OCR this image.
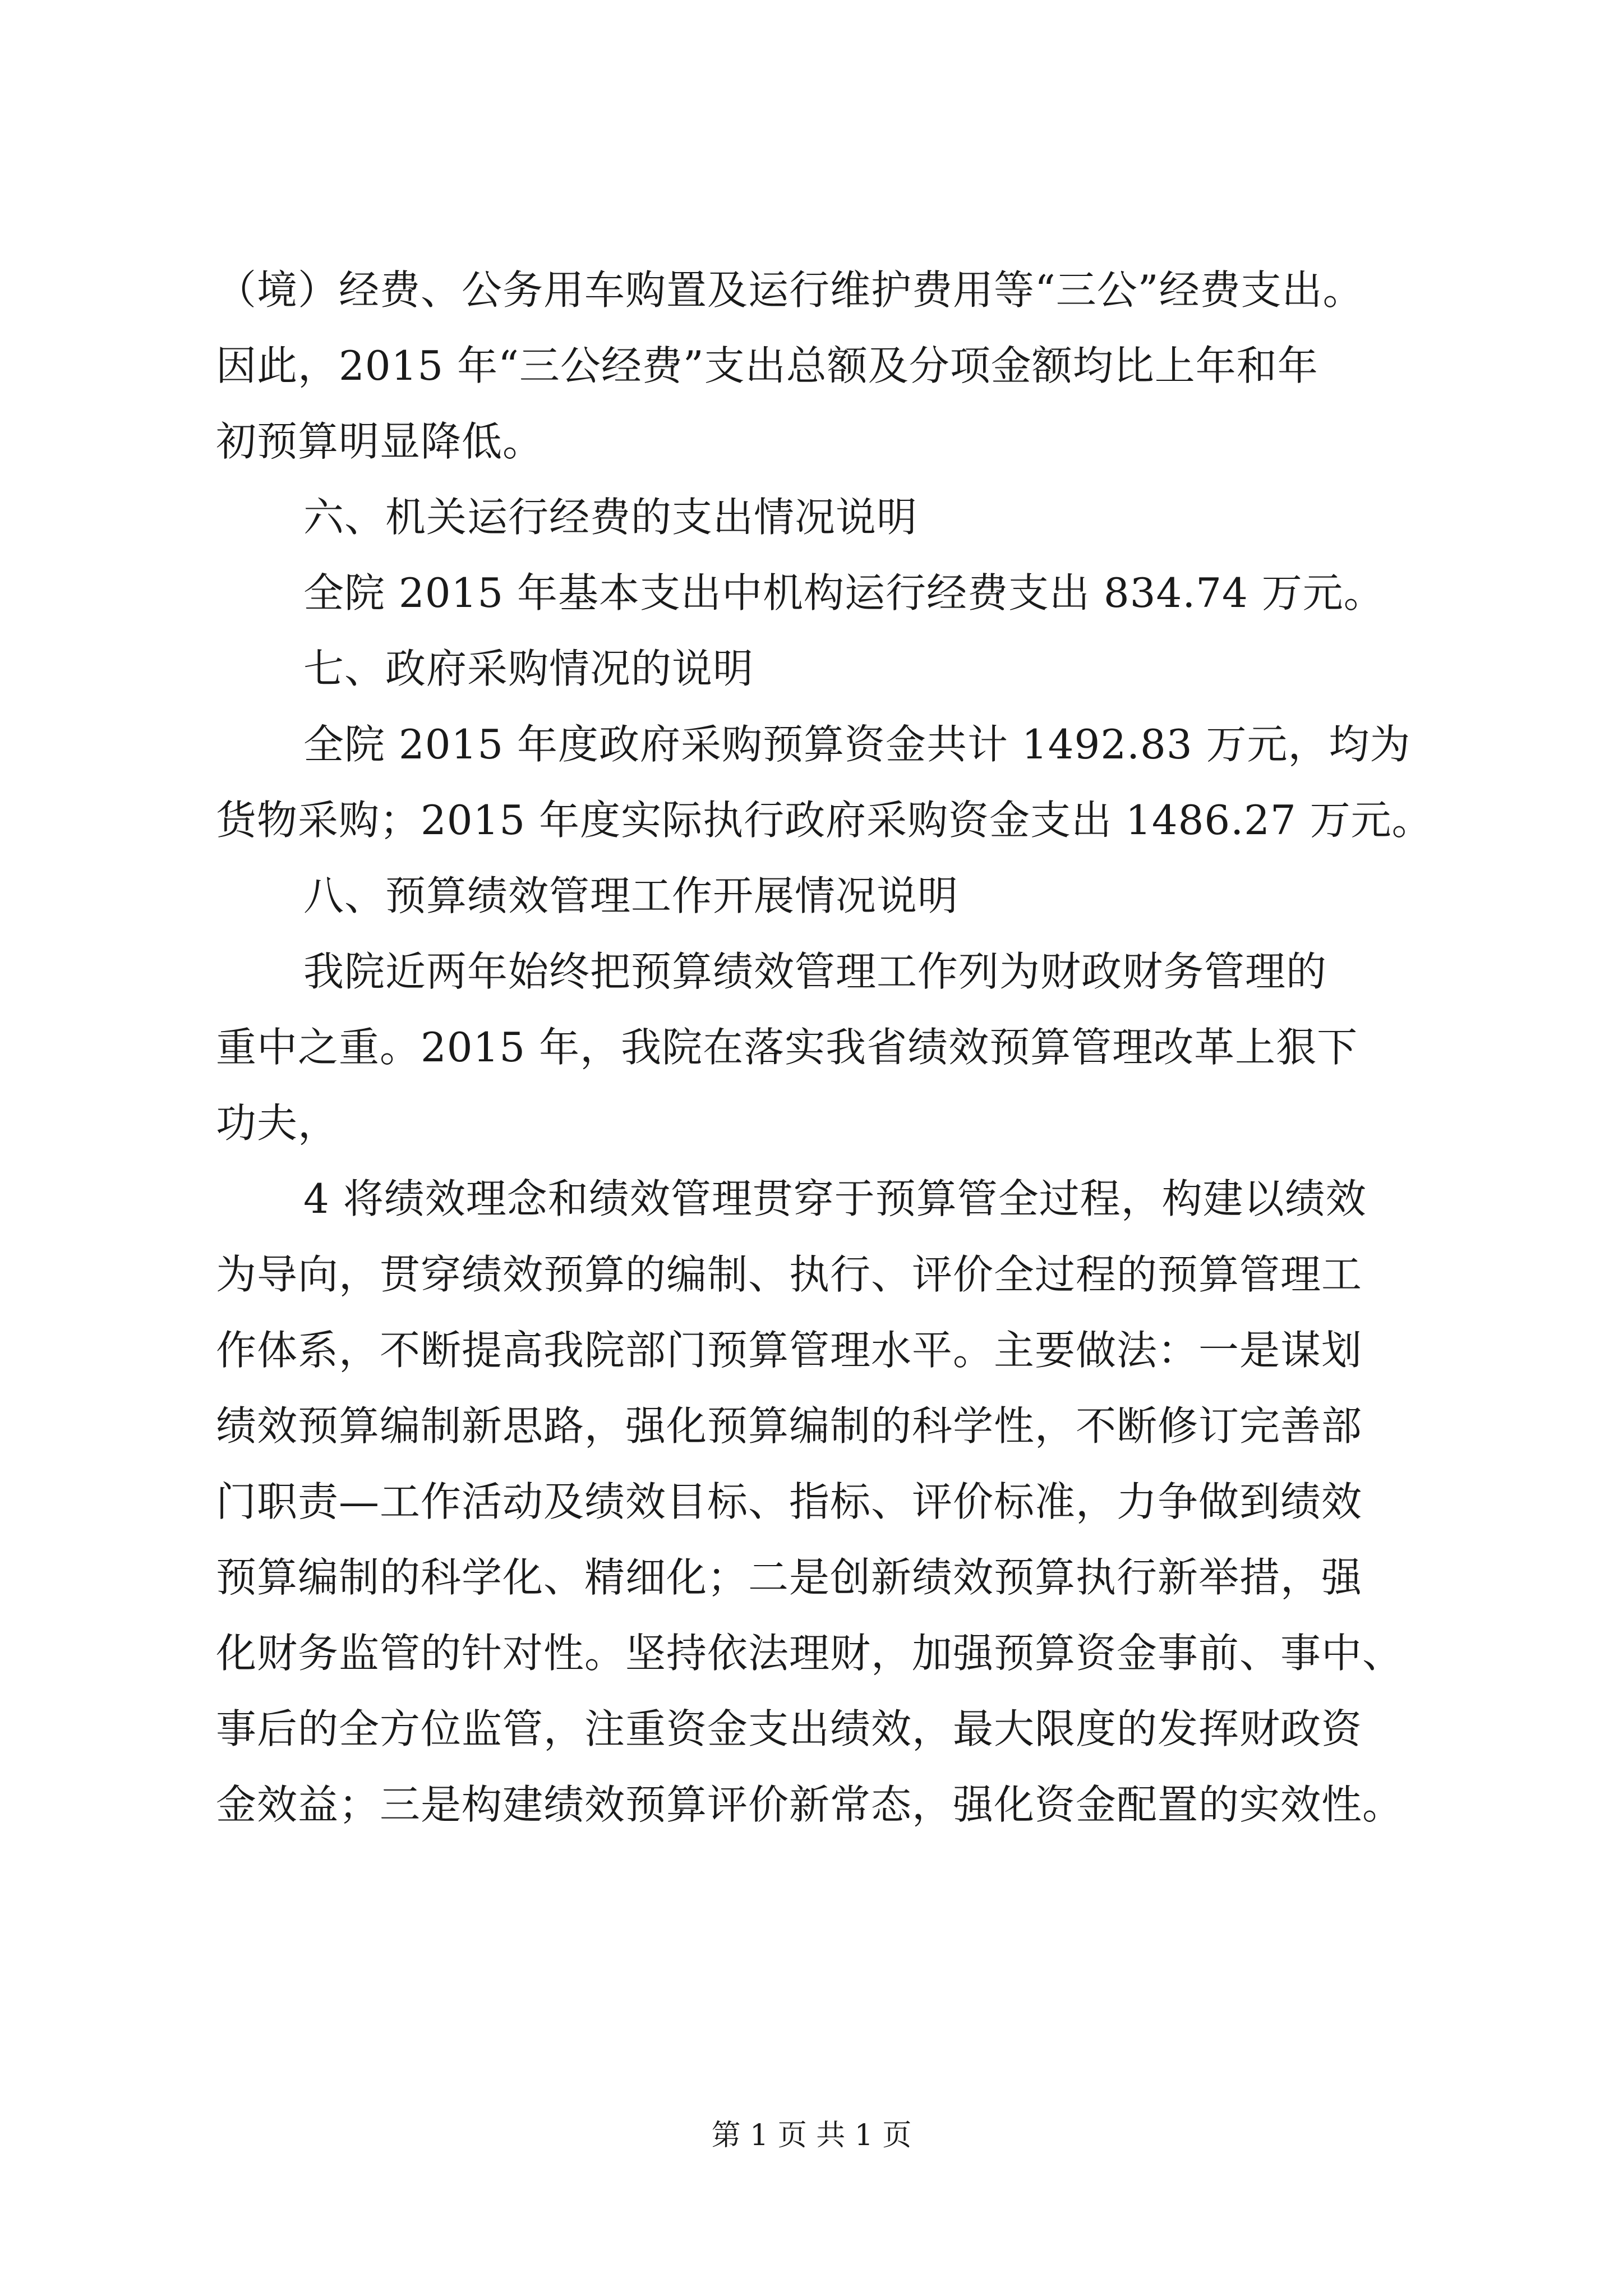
（境）经费、公务用车购置及运行维护费用等“三公”经费支出。
因此，2015 年“三公经费”支出总额及分项金额均比上年和年
初预算明显降低。
六、机关运行经费的支出情况说明
全院 2015 年基本支出中机构运行经费支出 834.74 万元。
七、政府采购情况的说明
全院 2015 年度政府采购预算资金共计 1492.83 万元，均为
货物采购；2015 年度实际执行政府采购资金支出 1486.27 万元。
八、预算绩效管理工作开展情况说明
我院近两年始终把预算绩效管理工作列为财政财务管理的
重中之重。2015 年，我院在落实我省绩效预算管理改革上狠下
功夫，
4 将绩效理念和绩效管理贯穿于预算管全过程，构建以绩效
为导向，贯穿绩效预算的编制、执行、评价全过程的预算管理工
作体系，不断提高我院部门预算管理水平。主要做法：一是谋划
绩效预算编制新思路，强化预算编制的科学性，不断修订完善部
门职责—工作活动及绩效目标、指标、评价标准，力争做到绩效
预算编制的科学化、精细化；二是创新绩效预算执行新举措，强
化财务监管的针对性。坚持依法理财，加强预算资金事前、事中、
事后的全方位监管，注重资金支出绩效，最大限度的发挥财政资
金效益；三是构建绩效预算评价新常态，强化资金配置的实效性。
第 1 页 共 1 页
